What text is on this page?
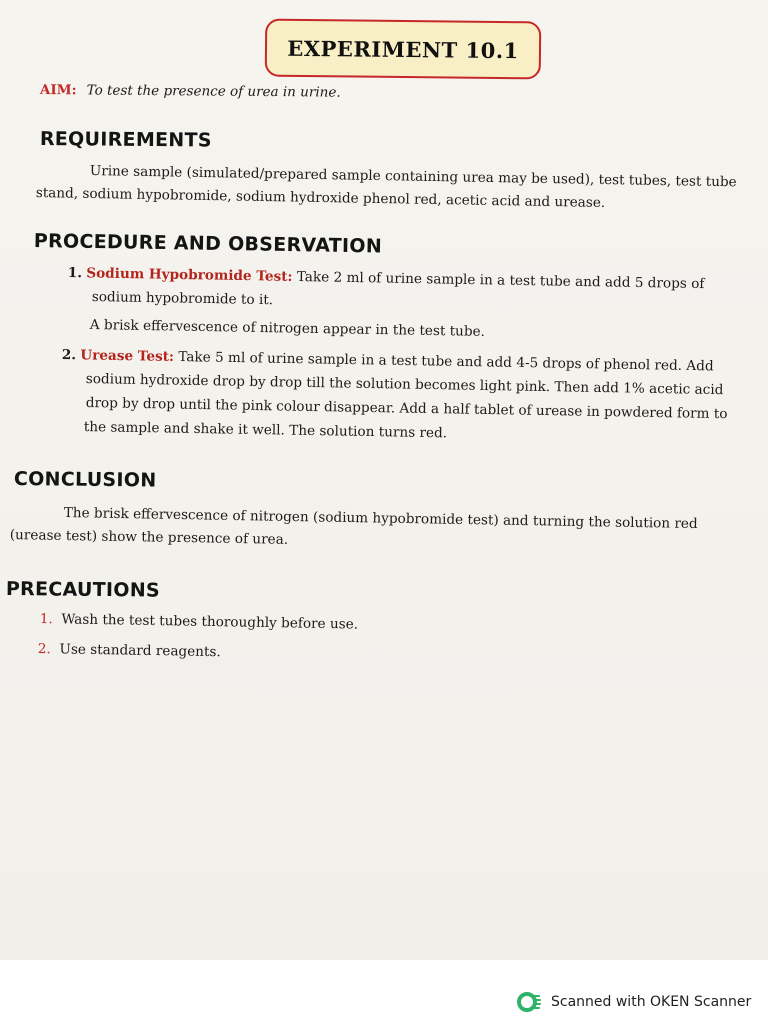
EXPERIMENT 10.1
AIM: To test the presence of urea in urine.
REQUIREMENTS

Urine sample (simulated/prepared sample containing urea may be used), test tubes, test tube

stand, sodium hypobromide, sodium hydroxide phenol red, acetic acid and urease.

PROCEDURE AND OBSERVATION

1. Sodium Hypobromide Test: Take 2 ml of urine sample in a test tube and add 5 drops of

sodium hypobromide to it.

A brisk effervescence of nitrogen appear in the test tube.

2. Urease Test: Take 5 ml of urine sample in a test tube and add 4-5 drops of phenol red. Add

sodium hydroxide drop by drop till the solution becomes light pink. Then add 1% acetic acid

drop by drop until the pink colour disappear. Add a half tablet of urease in powdered form to

the sample and shake it well. The solution turns red.

CONCLUSION

The brisk effervescence of nitrogen (sodium hypobromide test) and turning the solution red

(urease test) show the presence of urea.

PRECAUTIONS

1. Wash the test tubes thoroughly before use.

2. Use standard reagents.

Scanned with OKEN Scanner
